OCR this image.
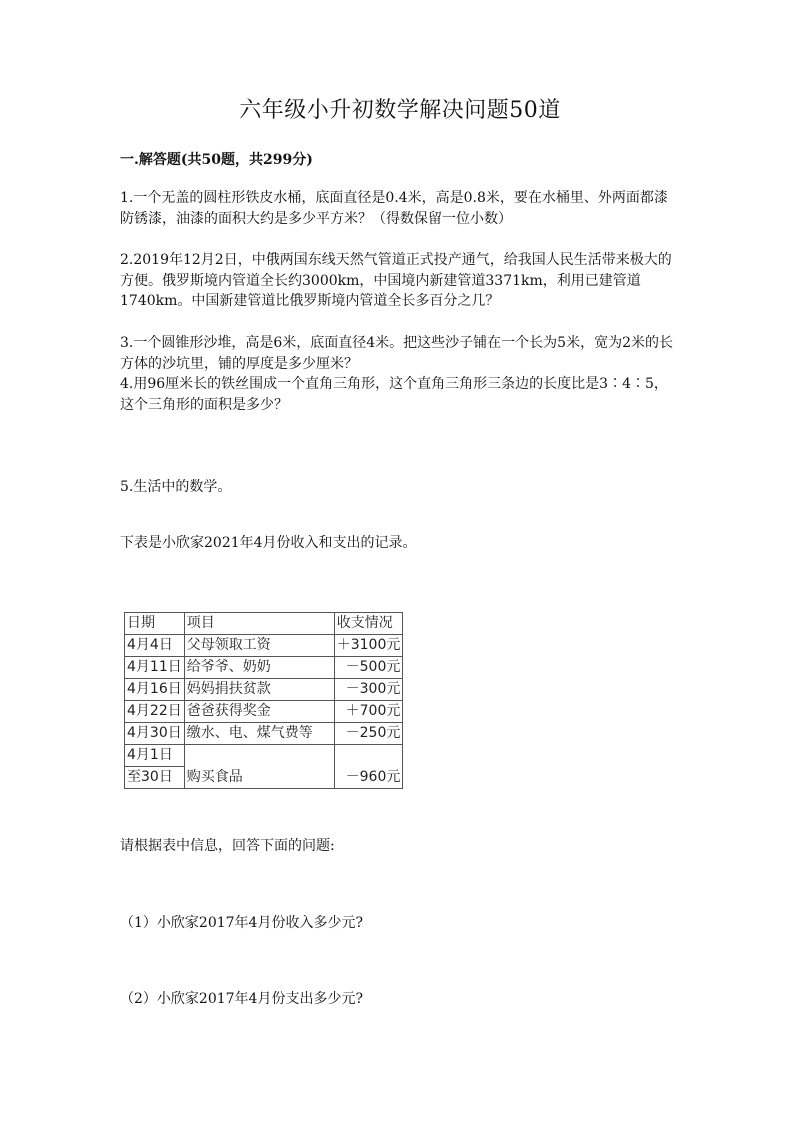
六年级小升初数学解决问题50道
一.解答题(共50题，共299分)

1.一个无盖的圆柱形铁皮水桶，底面直径是0.4米，高是0.8米，要在水桶里、外两面都漆防锈漆，油漆的面积大约是多少平方米？（得数保留一位小数）

2.2019年12月2日，中俄两国东线天然气管道正式投产通气，给我国人民生活带来极大的方便。俄罗斯境内管道全长约3000km，中国境内新建管道3371km，利用已建管道1740km。中国新建管道比俄罗斯境内管道全长多百分之几？

3.一个圆锥形沙堆，高是6米，底面直径4米。把这些沙子铺在一个长为5米，宽为2米的长方体的沙坑里，铺的厚度是多少厘米？

4.用96厘米长的铁丝围成一个直角三角形，这个直角三角形三条边的长度比是3∶4∶5，这个三角形的面积是多少？

5.生活中的数学。

下表是小欣家2021年4月份收入和支出的记录。

日期	项目	收支情况
4月4日	父母领取工资	＋3100元
4月11日	给爷爷、奶奶	－500元
4月16日	妈妈捐扶贫款	－300元
4月22日	爸爸获得奖金	＋700元
4月30日	缴水、电、煤气费等	－250元
4月1日		
至30日	购买食品	－960元

请根据表中信息，回答下面的问题:

（1）小欣家2017年4月份收入多少元?

（2）小欣家2017年4月份支出多少元?
